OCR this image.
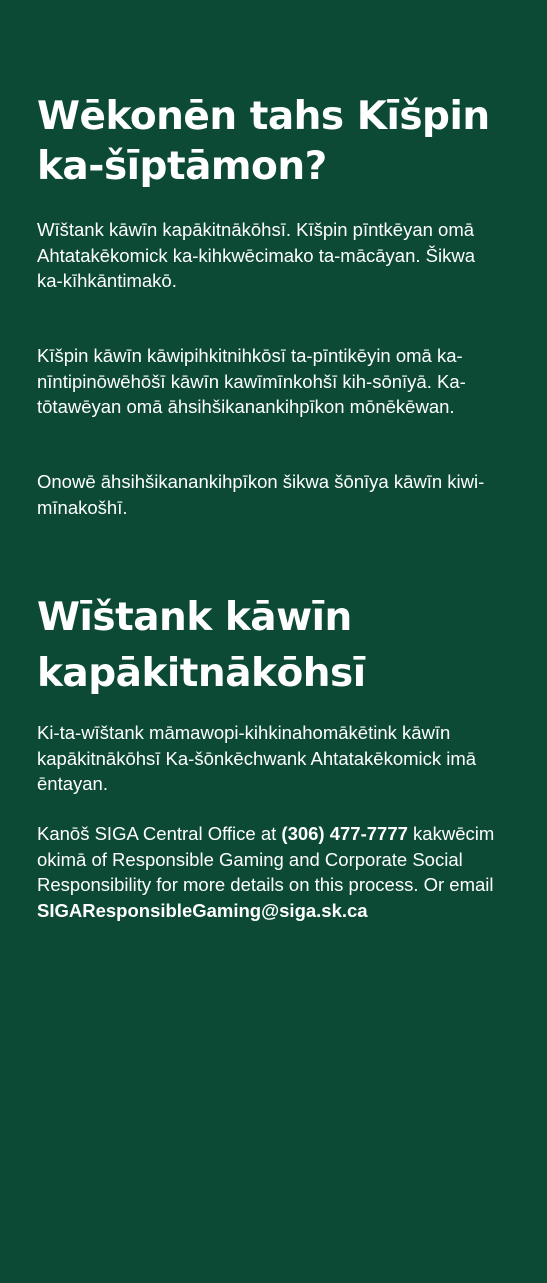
Wēkonēn tahs Kīšpin ka-šīptāmon?

Wīštank kāwīn kapākitnākōhsī. Kīšpin pīntkēyan omā Ahtatakēkomick ka-kihkwēcimako ta-mācāyan. Šikwa ka-kīhkāntimakō.

Kīšpin kāwīn kāwipihkitnihkōsī ta-pīntikēyin omā ka-nīntipinōwēhōšī kāwīn kawīmīnkohšī kih-sōnīyā. Ka-tōtawēyan omā āhsihšikanankihpīkon mōnēkēwan.

Onowē āhsihšikanankihpīkon šikwa šōnīya kāwīn kiwi-mīnakošhī.

Wīštank kāwīn kapākitnākōhsī

Ki-ta-wīštank māmawopi-kihkinahomākētink kāwīn kapākitnākōhsī Ka-šōnkēchwank Ahtatakēkomick imā ēntayan.

Kanōš SIGA Central Office at (306) 477-7777 kakwēcim okimā of Responsible Gaming and Corporate Social Responsibility for more details on this process. Or email SIGAResponsibleGaming@siga.sk.ca
